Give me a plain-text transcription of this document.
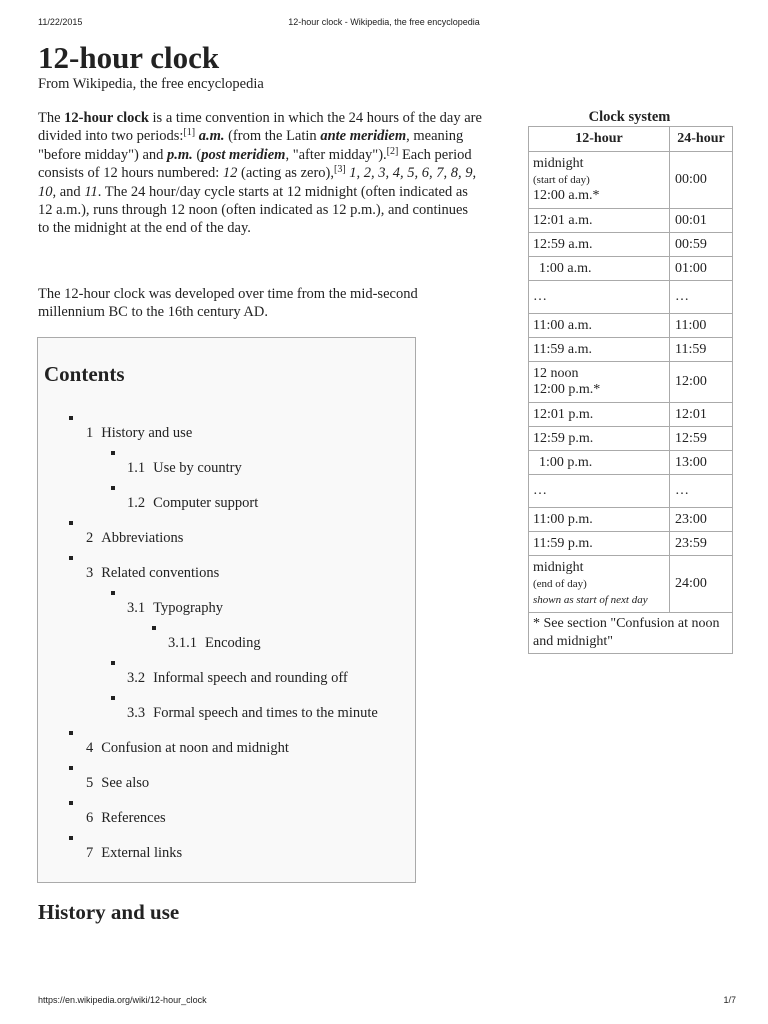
11/22/2015	12-hour clock - Wikipedia, the free encyclopedia
12-hour clock
From Wikipedia, the free encyclopedia

The 12-hour clock is a time convention in which the 24 hours of the day are divided into two periods:[1] a.m. (from the Latin ante meridiem, meaning "before midday") and p.m. (post meridiem, "after midday").[2] Each period consists of 12 hours numbered: 12 (acting as zero),[3] 1, 2, 3, 4, 5, 6, 7, 8, 9, 10, and 11. The 24 hour/day cycle starts at 12 midnight (often indicated as 12 a.m.), runs through 12 noon (often indicated as 12 p.m.), and continues to the midnight at the end of the day.

The 12-hour clock was developed over time from the mid-second millennium BC to the 16th century AD.

Contents
1 History and use
1.1 Use by country
1.2 Computer support
2 Abbreviations
3 Related conventions
3.1 Typography
3.1.1 Encoding
3.2 Informal speech and rounding off
3.3 Formal speech and times to the minute
4 Confusion at noon and midnight
5 See also
6 References
7 External links
History and use
Clock system
12-hour	24-hour

midnight
(start of day)
12:00 a.m.*	00:00
12:01 a.m.	00:01
12:59 a.m.	00:59
1:00 a.m.	01:00
…	…
11:00 a.m.	11:00
11:59 a.m.	11:59

12 noon
12:00 p.m.*	12:00
12:01 p.m.	12:01
12:59 p.m.	12:59
1:00 p.m.	13:00
…	…
11:00 p.m.	23:00
11:59 p.m.	23:59

midnight
(end of day)
shown as start of next day	24:00
* See section "Confusion at noon and midnight"	
https://en.wikipedia.org/wiki/12-hour_clock	1/7
